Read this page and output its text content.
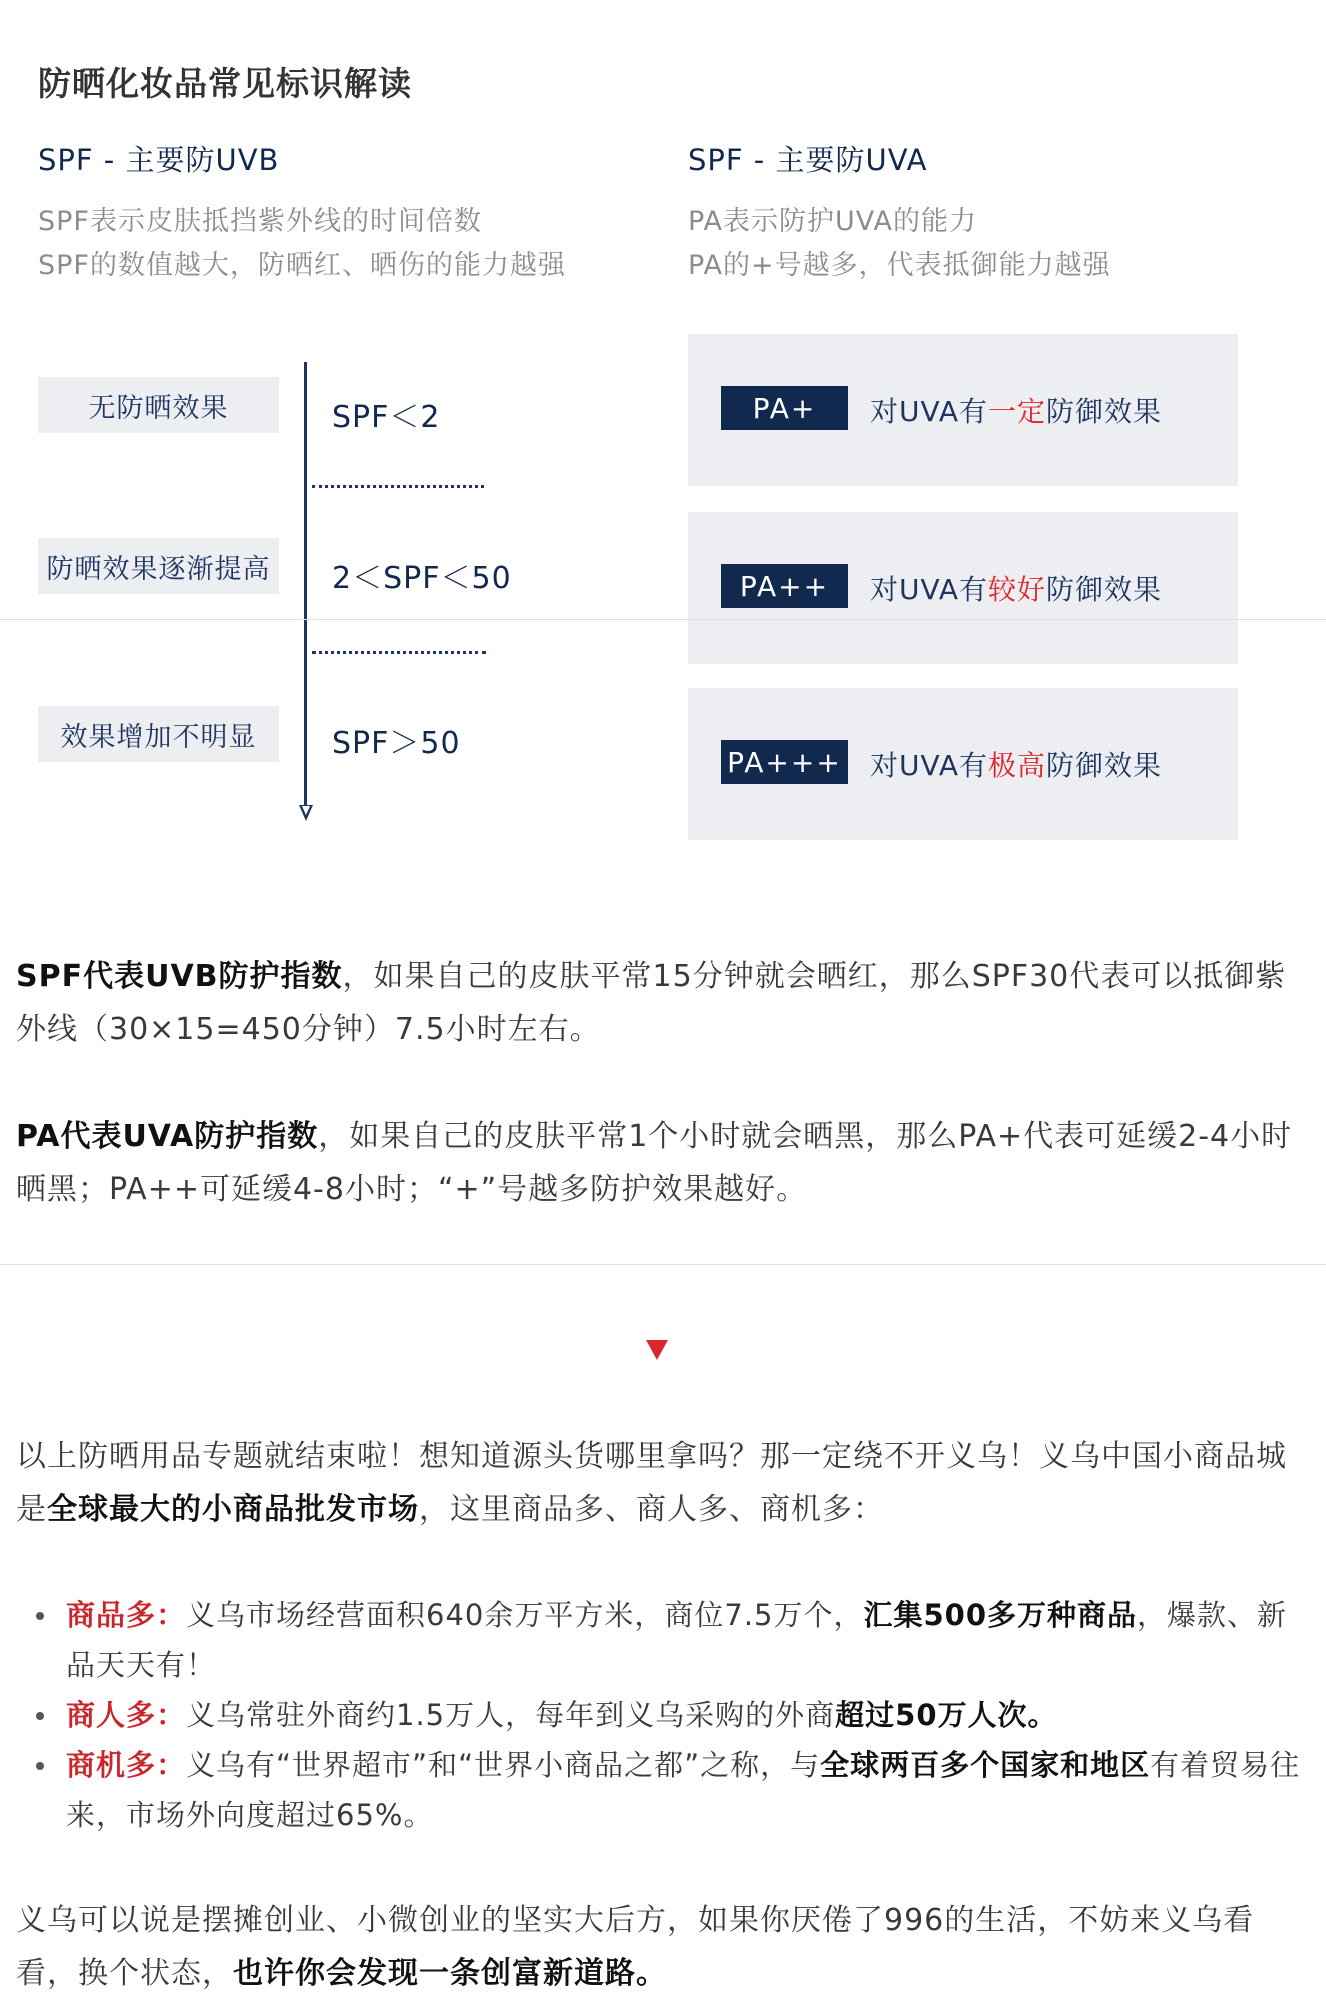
防晒化妆品常见标识解读
SPF - 主要防UVB
SPF表示皮肤抵挡紫外线的时间倍数
SPF的数值越大，防晒红、晒伤的能力越强
SPF - 主要防UVA
PA表示防护UVA的能力
PA的+号越多，代表抵御能力越强
无防晒效果	SPF＜2
防晒效果逐渐提高 2＜SPF＜50
效果增加不明显	SPF＞50
PA+	对UVA有一定防御效果
PA++	对UVA有较好防御效果
PA+++ 对UVA有极高防御效果
SPF代表UVB防护指数，如果自己的皮肤平常15分钟就会晒红，那么SPF30代表可以抵御紫外线（30×15=450分钟）7.5小时左右。
PA代表UVA防护指数，如果自己的皮肤平常1个小时就会晒黑，那么PA+代表可延缓2-4小时晒黑；PA++可延缓4-8小时；“+”号越多防护效果越好。
以上防晒用品专题就结束啦！想知道源头货哪里拿吗？那一定绕不开义乌！义乌中国小商品城是全球最大的小商品批发市场，这里商品多、商人多、商机多：
商品多：义乌市场经营面积640余万平方米，商位7.5万个，汇集500多万种商品，爆款、新品天天有！
商人多：义乌常驻外商约1.5万人，每年到义乌采购的外商超过50万人次。
商机多：义乌有“世界超市”和“世界小商品之都”之称，与全球两百多个国家和地区有着贸易往来，市场外向度超过65%。
义乌可以说是摆摊创业、小微创业的坚实大后方，如果你厌倦了996的生活，不妨来义乌看看，换个状态，也许你会发现一条创富新道路。
